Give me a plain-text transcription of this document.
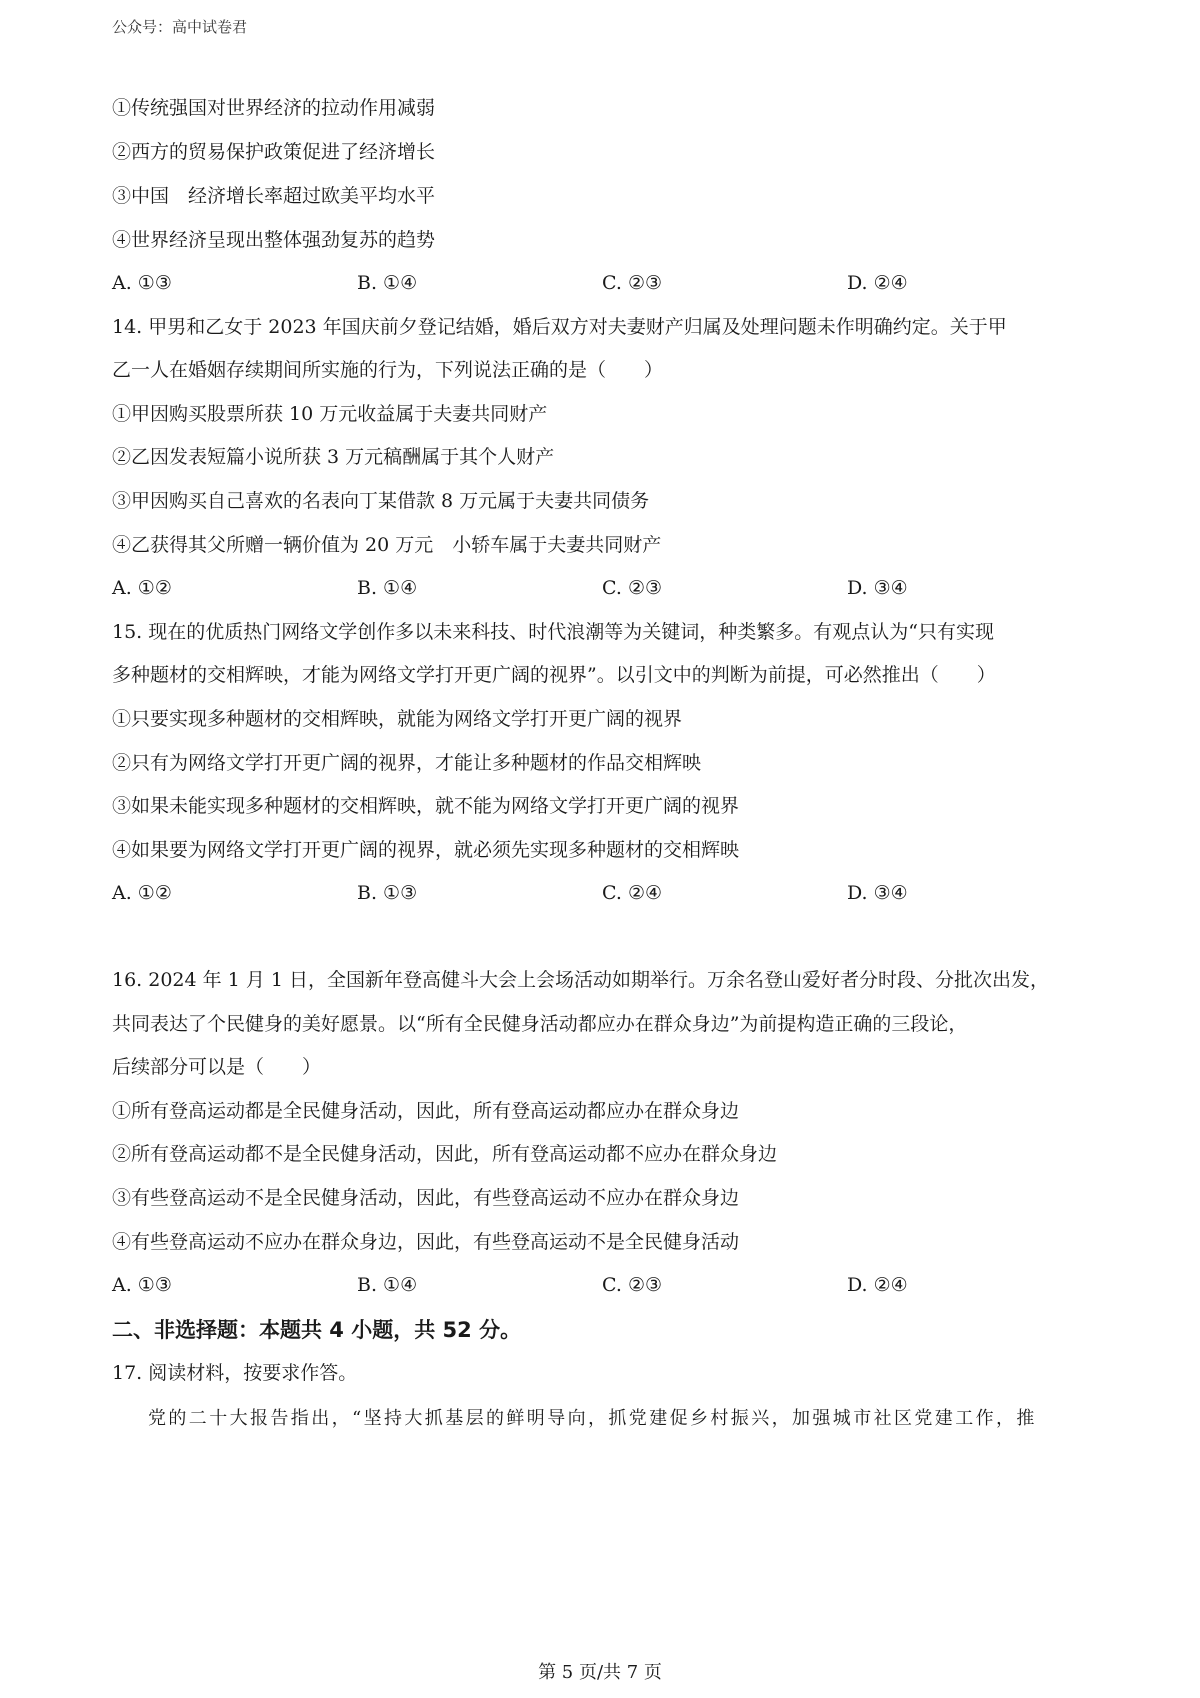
公众号：高中试卷君
①传统强国对世界经济的拉动作用减弱
②西方的贸易保护政策促进了经济增长
③中国　经济增长率超过欧美平均水平
④世界经济呈现出整体强劲复苏的趋势
A. ①③	B. ①④	C. ②③	D. ②④
14. 甲男和乙女于 2023 年国庆前夕登记结婚，婚后双方对夫妻财产归属及处理问题未作明确约定。关于甲
乙一人在婚姻存续期间所实施的行为，下列说法正确的是（　　）
①甲因购买股票所获 10 万元收益属于夫妻共同财产
②乙因发表短篇小说所获 3 万元稿酬属于其个人财产
③甲因购买自己喜欢的名表向丁某借款 8 万元属于夫妻共同债务
④乙获得其父所赠一辆价值为 20 万元　小轿车属于夫妻共同财产
A. ①②	B. ①④	C. ②③	D. ③④
15. 现在的优质热门网络文学创作多以未来科技、时代浪潮等为关键词，种类繁多。有观点认为“只有实现
多种题材的交相辉映，才能为网络文学打开更广阔的视界”。以引文中的判断为前提，可必然推出（　　）
①只要实现多种题材的交相辉映，就能为网络文学打开更广阔的视界
②只有为网络文学打开更广阔的视界，才能让多种题材的作品交相辉映
③如果未能实现多种题材的交相辉映，就不能为网络文学打开更广阔的视界
④如果要为网络文学打开更广阔的视界，就必须先实现多种题材的交相辉映
A. ①②	B. ①③	C. ②④	D. ③④
16. 2024 年 1 月 1 日，全国新年登高健斗大会上会场活动如期举行。万余名登山爱好者分时段、分批次出发，
共同表达了个民健身的美好愿景。以“所有全民健身活动都应办在群众身边”为前提构造正确的三段论，
后续部分可以是（　　）
①所有登高运动都是全民健身活动，因此，所有登高运动都应办在群众身边
②所有登高运动都不是全民健身活动，因此，所有登高运动都不应办在群众身边
③有些登高运动不是全民健身活动，因此，有些登高运动不应办在群众身边
④有些登高运动不应办在群众身边，因此，有些登高运动不是全民健身活动
A. ①③	B. ①④	C. ②③	D. ②④
二、非选择题：本题共 4 小题，共 52 分。
17. 阅读材料，按要求作答。
党的二十大报告指出，“坚持大抓基层的鲜明导向，抓党建促乡村振兴，加强城市社区党建工作，推
第 5 页/共 7 页
